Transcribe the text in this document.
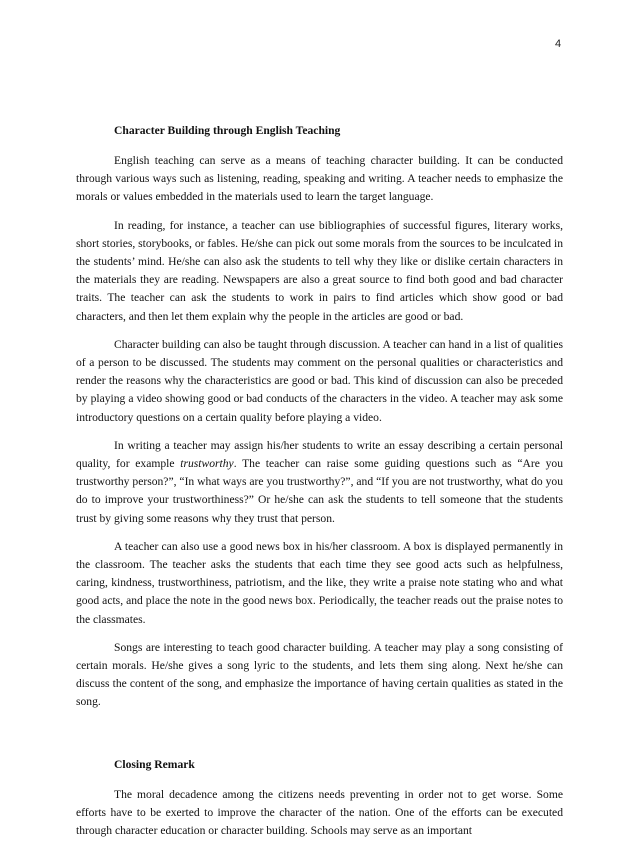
4
Character Building through English Teaching

English teaching can serve as a means of teaching character building. It can be conducted through various ways such as listening, reading, speaking and writing. A teacher needs to emphasize the morals or values embedded in the materials used to learn the target language.

In reading, for instance, a teacher can use bibliographies of successful figures, literary works, short stories, storybooks, or fables. He/she can pick out some morals from the sources to be inculcated in the students’ mind. He/she can also ask the students to tell why they like or dislike certain characters in the materials they are reading. Newspapers are also a great source to find both good and bad character traits. The teacher can ask the students to work in pairs to find articles which show good or bad characters, and then let them explain why the people in the articles are good or bad.

Character building can also be taught through discussion. A teacher can hand in a list of qualities of a person to be discussed. The students may comment on the personal qualities or characteristics and render the reasons why the characteristics are good or bad. This kind of discussion can also be preceded by playing a video showing good or bad conducts of the characters in the video. A teacher may ask some introductory questions on a certain quality before playing a video.

In writing a teacher may assign his/her students to write an essay describing a certain personal quality, for example trustworthy. The teacher can raise some guiding questions such as “Are you trustworthy person?”, “In what ways are you trustworthy?”, and “If you are not trustworthy, what do you do to improve your trustworthiness?” Or he/she can ask the students to tell someone that the students trust by giving some reasons why they trust that person.

A teacher can also use a good news box in his/her classroom. A box is displayed permanently in the classroom. The teacher asks the students that each time they see good acts such as helpfulness, caring, kindness, trustworthiness, patriotism, and the like, they write a praise note stating who and what good acts, and place the note in the good news box. Periodically, the teacher reads out the praise notes to the classmates.

Songs are interesting to teach good character building. A teacher may play a song consisting of certain morals. He/she gives a song lyric to the students, and lets them sing along. Next he/she can discuss the content of the song, and emphasize the importance of having certain qualities as stated in the song.

Closing Remark

The moral decadence among the citizens needs preventing in order not to get worse. Some efforts have to be exerted to improve the character of the nation. One of the efforts can be executed through character education or character building. Schools may serve as an important
